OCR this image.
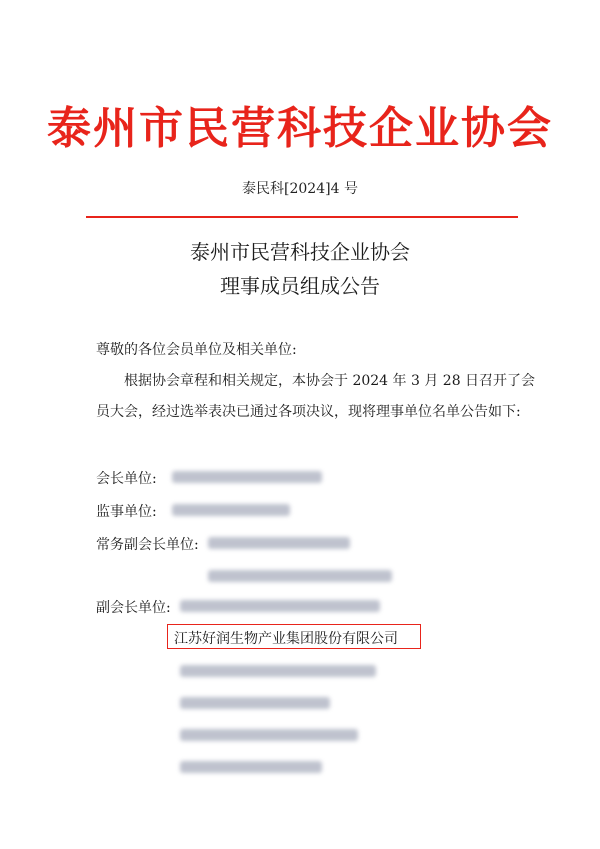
泰州市民营科技企业协会
泰民科[2024]4 号
泰州市民营科技企业协会
理事成员组成公告
尊敬的各位会员单位及相关单位:
根据协会章程和相关规定，本协会于 2024 年 3 月 28 日召开了会
员大会，经过选举表决已通过各项决议，现将理事单位名单公告如下:
会长单位:
监事单位:
常务副会长单位:
副会长单位:
江苏好润生物产业集团股份有限公司
